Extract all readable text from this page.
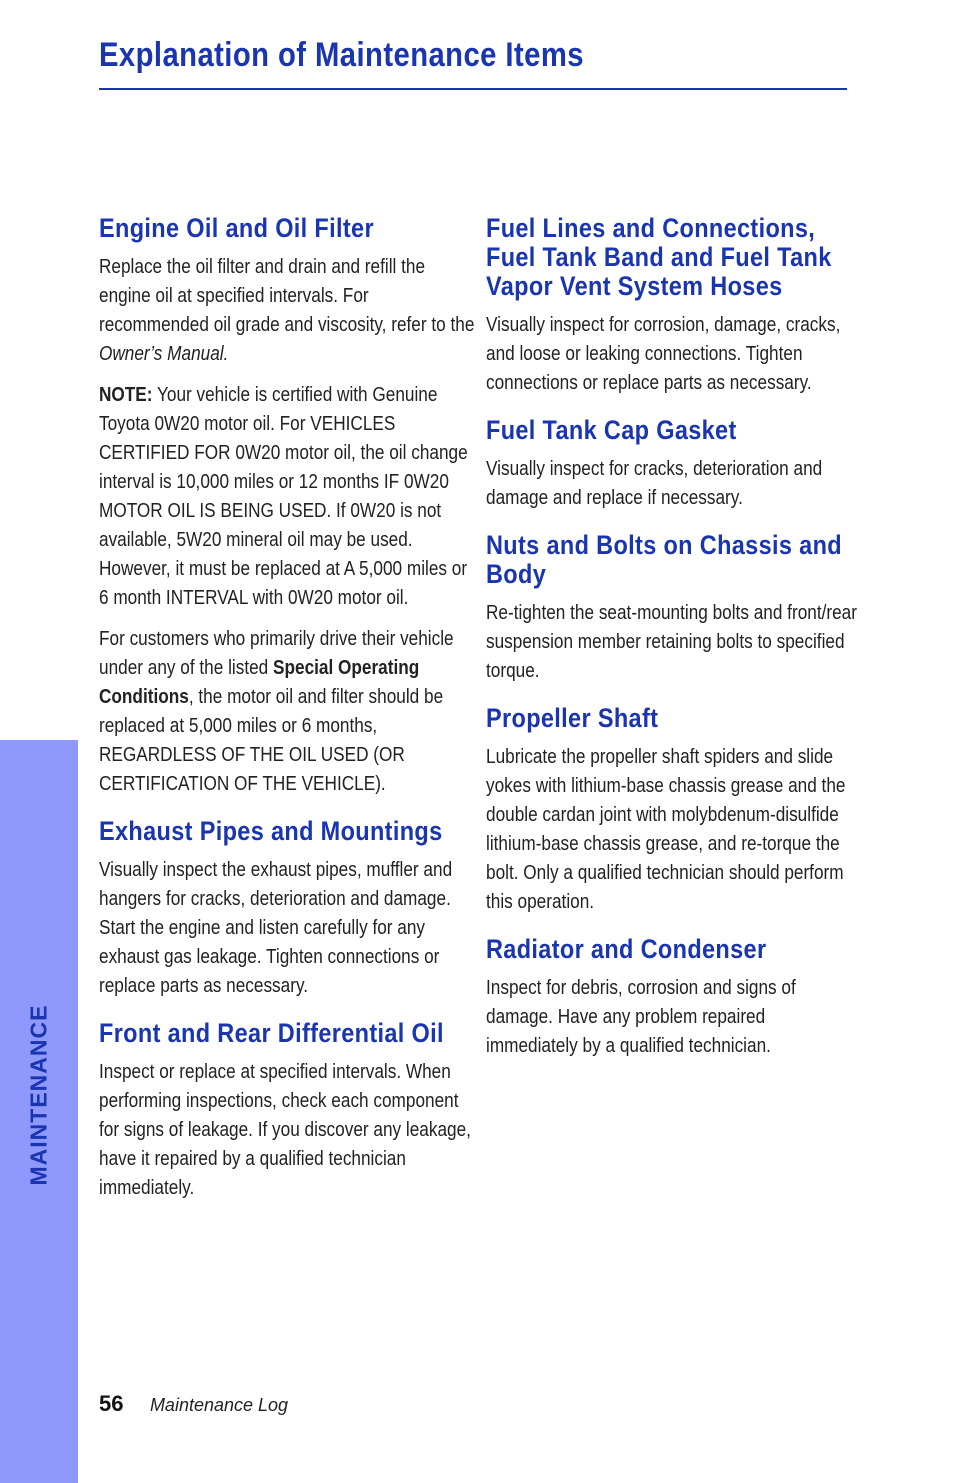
Explanation of Maintenance Items
MAINTENANCE
Engine Oil and Oil Filter

Replace the oil filter and drain and refill the engine oil at specified intervals. For recommended oil grade and viscosity, refer to the Owner’s Manual.

NOTE: Your vehicle is certified with Genuine Toyota 0W20 motor oil. For VEHICLES CERTIFIED FOR 0W20 motor oil, the oil change interval is 10,000 miles or 12 months IF 0W20 MOTOR OIL IS BEING USED. If 0W20 is not available, 5W20 mineral oil may be used. However, it must be replaced at A 5,000 miles or 6 month INTERVAL with 0W20 motor oil.

For customers who primarily drive their vehicle under any of the listed Special Operating Conditions, the motor oil and filter should be replaced at 5,000 miles or 6 months, REGARDLESS OF THE OIL USED (OR CERTIFICATION OF THE VEHICLE).

Exhaust Pipes and Mountings

Visually inspect the exhaust pipes, muffler and hangers for cracks, deterioration and damage. Start the engine and listen carefully for any exhaust gas leakage. Tighten connections or replace parts as necessary.

Front and Rear Differential Oil

Inspect or replace at specified intervals. When performing inspections, check each component for signs of leakage. If you discover any leakage, have it repaired by a qualified technician immediately.

Fuel Lines and Connections, Fuel Tank Band and Fuel Tank Vapor Vent System Hoses

Visually inspect for corrosion, damage, cracks, and loose or leaking connections. Tighten connections or replace parts as necessary.

Fuel Tank Cap Gasket

Visually inspect for cracks, deterioration and damage and replace if necessary.

Nuts and Bolts on Chassis and Body

Re-tighten the seat-mounting bolts and front/rear suspension member retaining bolts to specified torque.

Propeller Shaft

Lubricate the propeller shaft spiders and slide yokes with lithium-base chassis grease and the double cardan joint with molybdenum-disulfide lithium-base chassis grease, and re-torque the bolt. Only a qualified technician should perform this operation.

Radiator and Condenser

Inspect for debris, corrosion and signs of damage. Have any problem repaired immediately by a qualified technician.

56 Maintenance Log
